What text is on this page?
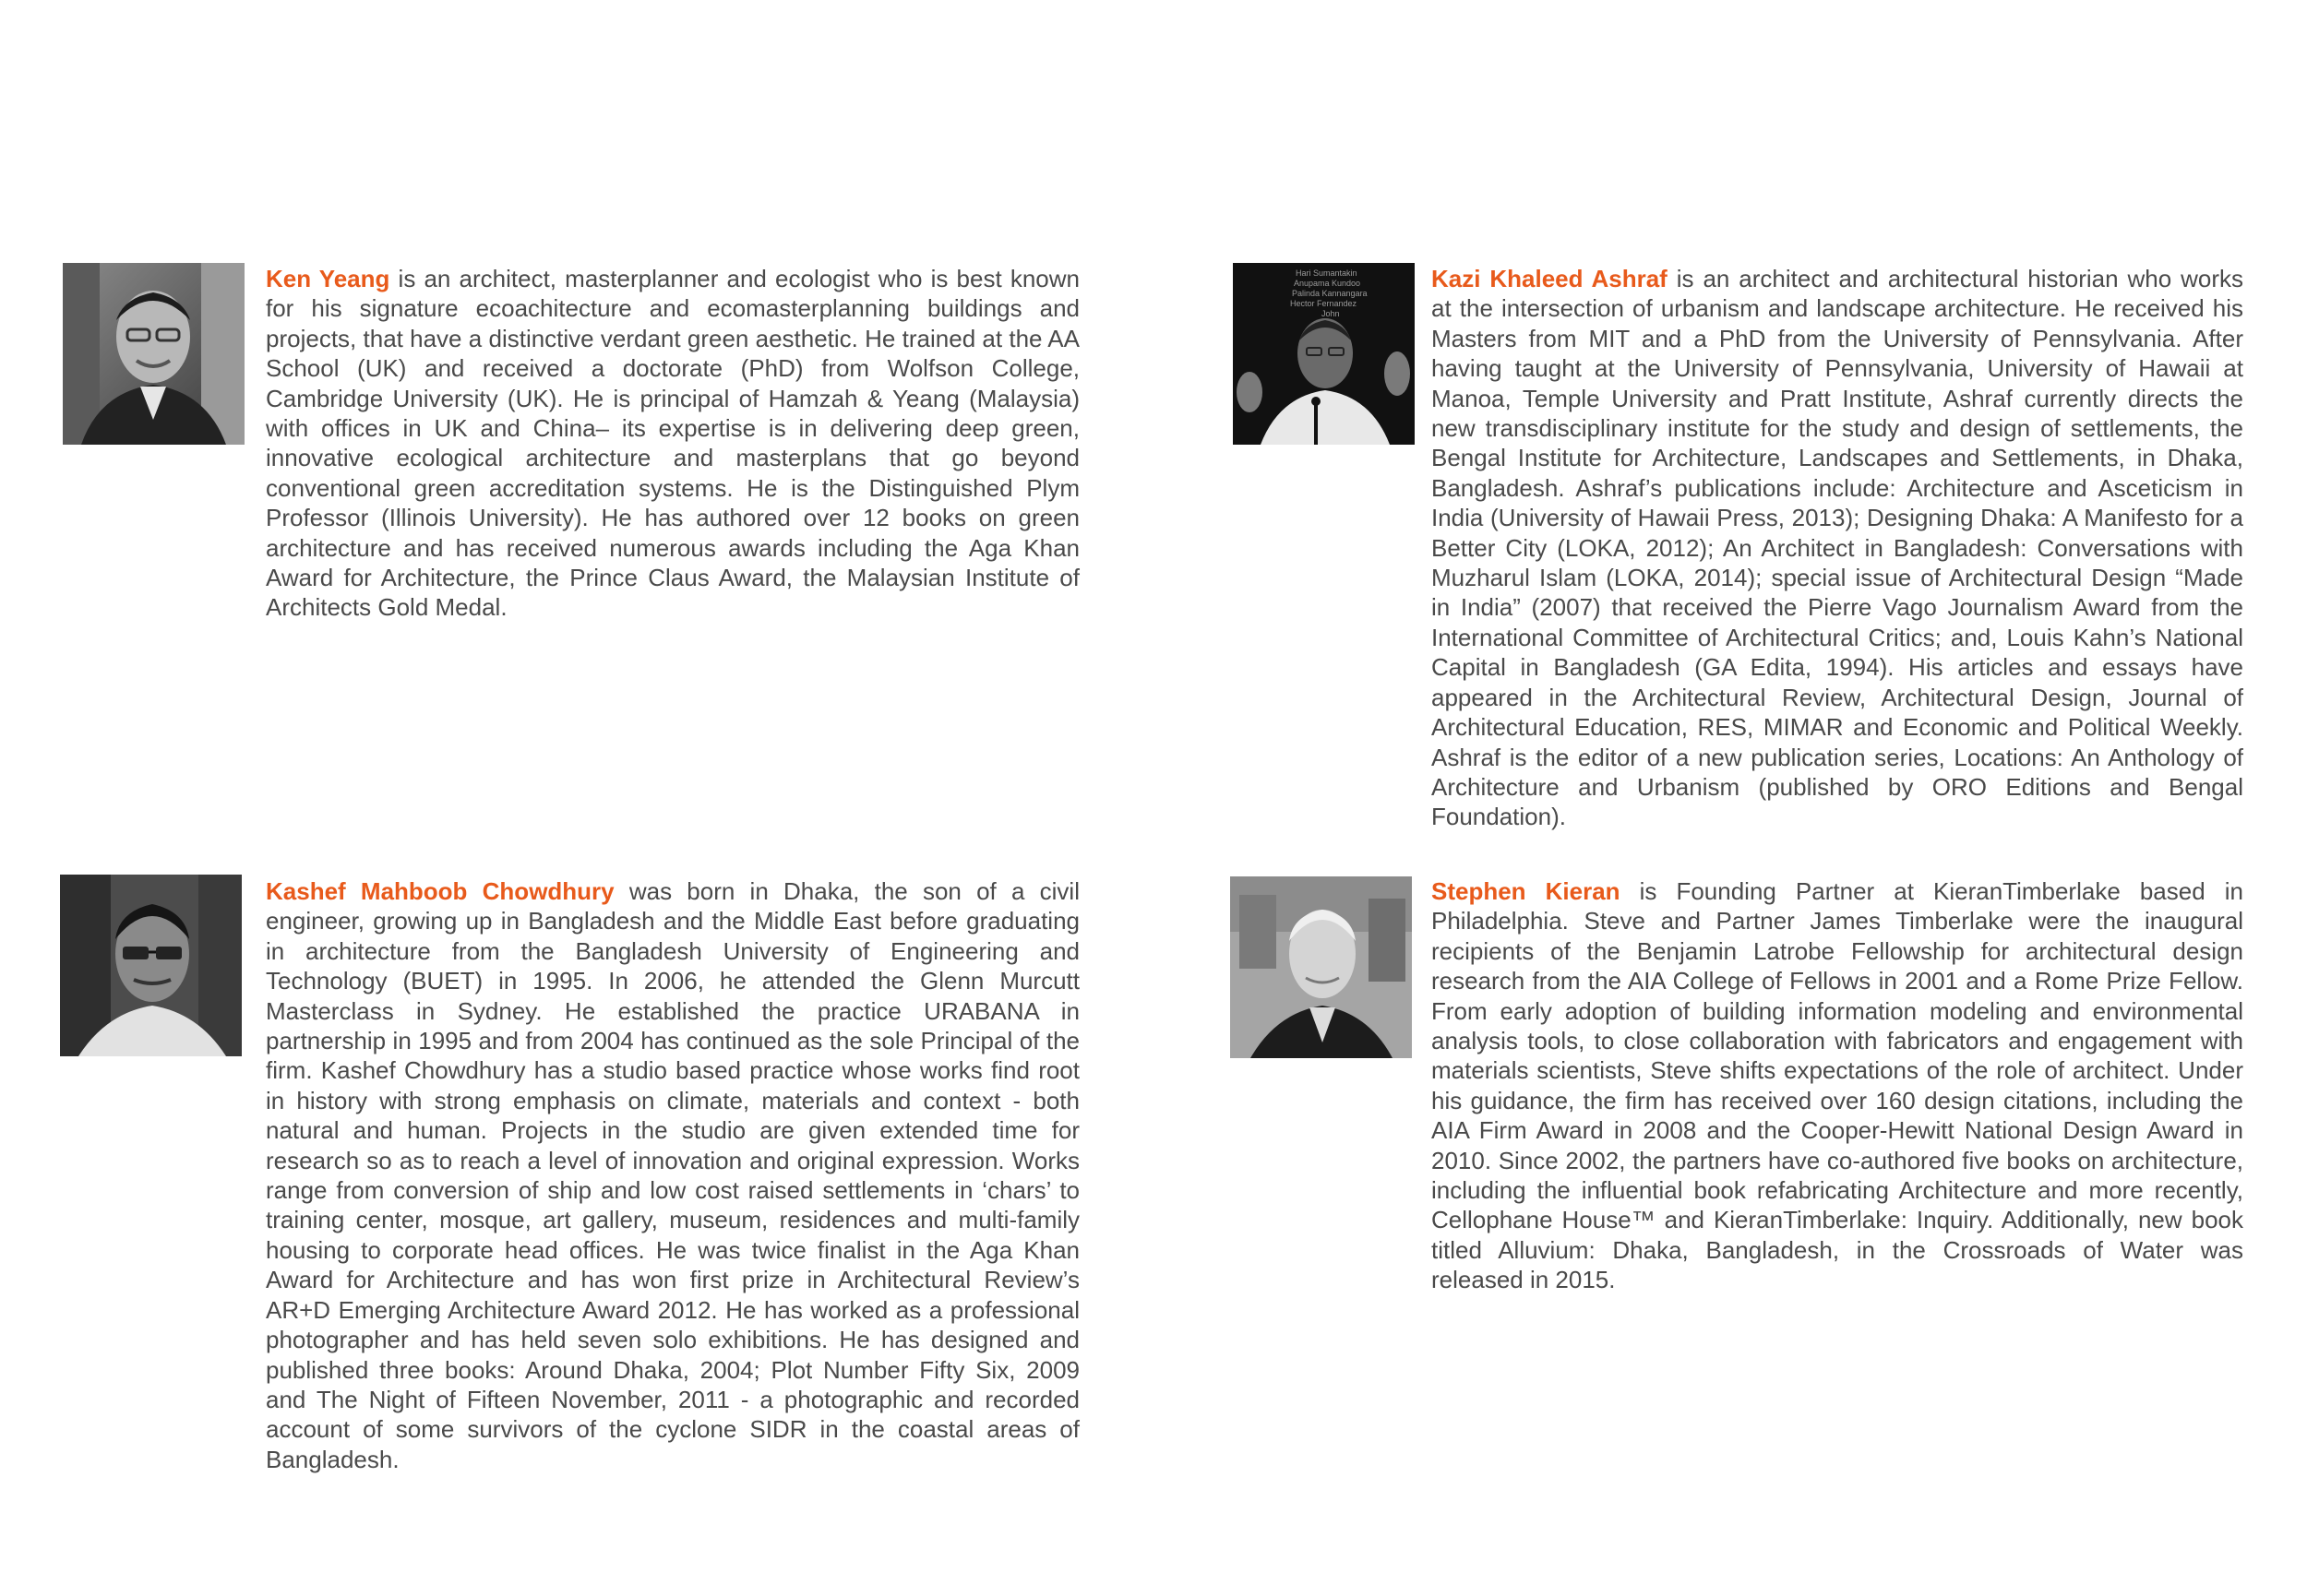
Ken Yeang is an architect, masterplanner and ecologist who is best known for his signature ecoachitecture and ecomasterplanning buildings and projects, that have a distinctive verdant green aesthetic. He trained at the AA School (UK) and received a doctorate (PhD) from Wolfson College, Cambridge University (UK). He is principal of Hamzah & Yeang (Malaysia) with offices in UK and China– its expertise is in delivering deep green, innovative ecological architecture and masterplans that go beyond conventional green accreditation systems. He is the Distinguished Plym Professor (Illinois University). He has authored over 12 books on green architecture and has received numerous awards including the Aga Khan Award for Architecture, the Prince Claus Award, the Malaysian Institute of Architects Gold Medal.

Hari Sumantakin
Anupama Kundoo
Palinda Kannangara
Hector Fernandez
John

Kazi Khaleed Ashraf is an architect and architectural historian who works at the intersection of urbanism and landscape architecture. He received his Masters from MIT and a PhD from the University of Pennsylvania. After having taught at the University of Pennsylvania, University of Hawaii at Manoa, Temple University and Pratt Institute, Ashraf currently directs the new transdisciplinary institute for the study and design of settlements, the Bengal Institute for Architecture, Landscapes and Settlements, in Dhaka, Bangladesh. Ashraf’s publications include: Architecture and Asceticism in India (University of Hawaii Press, 2013); Designing Dhaka: A Manifesto for a Better City (LOKA, 2012); An Architect in Bangladesh: Conversations with Muzharul Islam (LOKA, 2014); special issue of Architectural Design “Made in India” (2007) that received the Pierre Vago Journalism Award from the International Committee of Architectural Critics; and, Louis Kahn’s National Capital in Bangladesh (GA Edita, 1994). His articles and essays have appeared in the Architectural Review, Architectural Design, Journal of Architectural Education, RES, MIMAR and Economic and Political Weekly. Ashraf is the editor of a new publication series, Locations: An Anthology of Architecture and Urbanism (published by ORO Editions and Bengal Foundation).

Kashef Mahboob Chowdhury was born in Dhaka, the son of a civil engineer, growing up in Bangladesh and the Middle East before graduating in architecture from the Bangladesh University of Engineering and Technology (BUET) in 1995. In 2006, he attended the Glenn Murcutt Masterclass in Sydney. He established the practice URABANA in partnership in 1995 and from 2004 has continued as the sole Principal of the firm. Kashef Chowdhury has a studio based practice whose works find root in history with strong emphasis on climate, materials and context - both natural and human. Projects in the studio are given extended time for research so as to reach a level of innovation and original expression. Works range from conversion of ship and low cost raised settlements in ‘chars’ to training center, mosque, art gallery, museum, residences and multi-family housing to corporate head offices. He was twice finalist in the Aga Khan Award for Architecture and has won first prize in Architectural Review’s AR+D Emerging Architecture Award 2012. He has worked as a professional photographer and has held seven solo exhibitions. He has designed and published three books: Around Dhaka, 2004; Plot Number Fifty Six, 2009 and The Night of Fifteen November, 2011 - a photographic and recorded account of some survivors of the cyclone SIDR in the coastal areas of Bangladesh.

Stephen Kieran is Founding Partner at KieranTimberlake based in Philadelphia. Steve and Partner James Timberlake were the inaugural recipients of the Benjamin Latrobe Fellowship for architectural design research from the AIA College of Fellows in 2001 and a Rome Prize Fellow. From early adoption of building information modeling and environmental analysis tools, to close collaboration with fabricators and engagement with materials scientists, Steve shifts expectations of the role of architect. Under his guidance, the firm has received over 160 design citations, including the AIA Firm Award in 2008 and the Cooper-Hewitt National Design Award in 2010. Since 2002, the partners have co-authored five books on architecture, including the influential book refabricating Architecture and more recently, Cellophane House™ and KieranTimberlake: Inquiry. Additionally, new book titled Alluvium: Dhaka, Bangladesh, in the Crossroads of Water was released in 2015.
